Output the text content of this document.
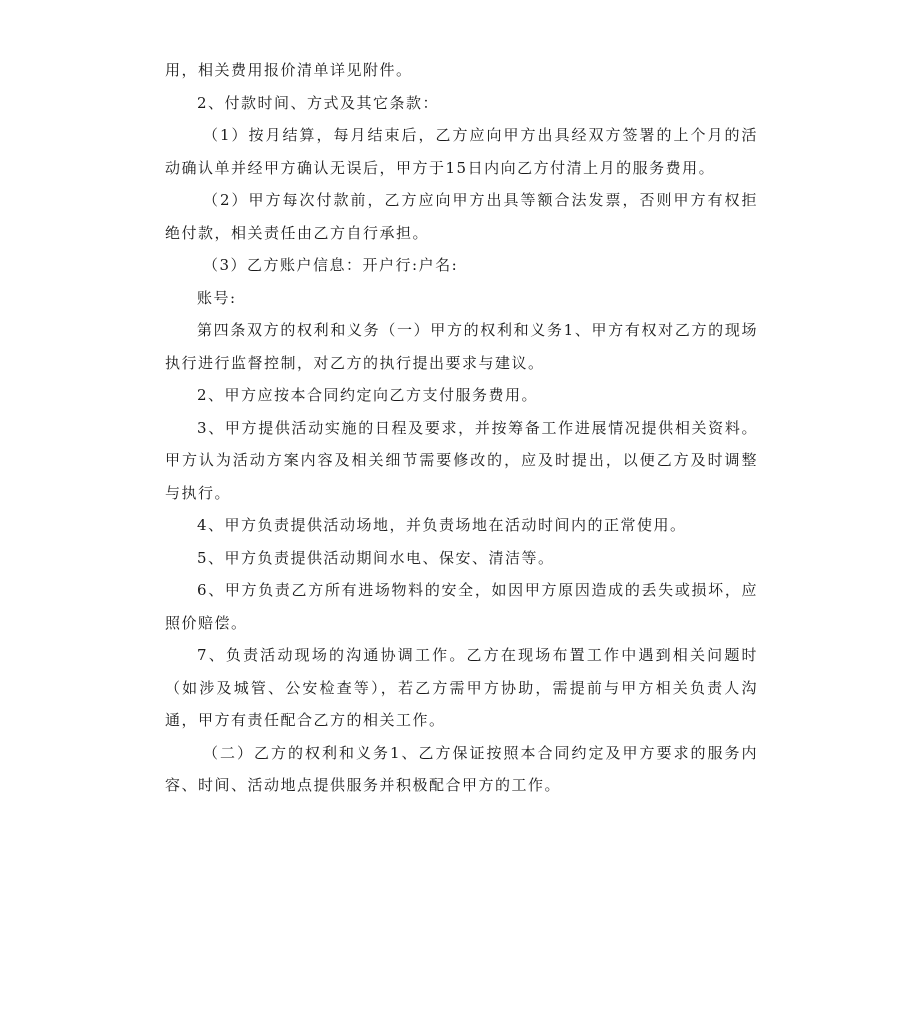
用，相关费用报价清单详见附件。

2、付款时间、方式及其它条款：

（1）按月结算，每月结束后，乙方应向甲方出具经双方签署的上个月的活动确认单并经甲方确认无误后，甲方于15日内向乙方付清上月的服务费用。

（2）甲方每次付款前，乙方应向甲方出具等额合法发票，否则甲方有权拒绝付款，相关责任由乙方自行承担。

（3）乙方账户信息：开户行:户名:

账号:

第四条双方的权利和义务（一）甲方的权利和义务1、甲方有权对乙方的现场执行进行监督控制，对乙方的执行提出要求与建议。

2、甲方应按本合同约定向乙方支付服务费用。

3、甲方提供活动实施的日程及要求，并按筹备工作进展情况提供相关资料。甲方认为活动方案内容及相关细节需要修改的，应及时提出，以便乙方及时调整与执行。

4、甲方负责提供活动场地，并负责场地在活动时间内的正常使用。

5、甲方负责提供活动期间水电、保安、清洁等。

6、甲方负责乙方所有进场物料的安全，如因甲方原因造成的丢失或损坏，应照价赔偿。

7、负责活动现场的沟通协调工作。乙方在现场布置工作中遇到相关问题时（如涉及城管、公安检查等），若乙方需甲方协助，需提前与甲方相关负责人沟通，甲方有责任配合乙方的相关工作。

（二）乙方的权利和义务1、乙方保证按照本合同约定及甲方要求的服务内容、时间、活动地点提供服务并积极配合甲方的工作。
